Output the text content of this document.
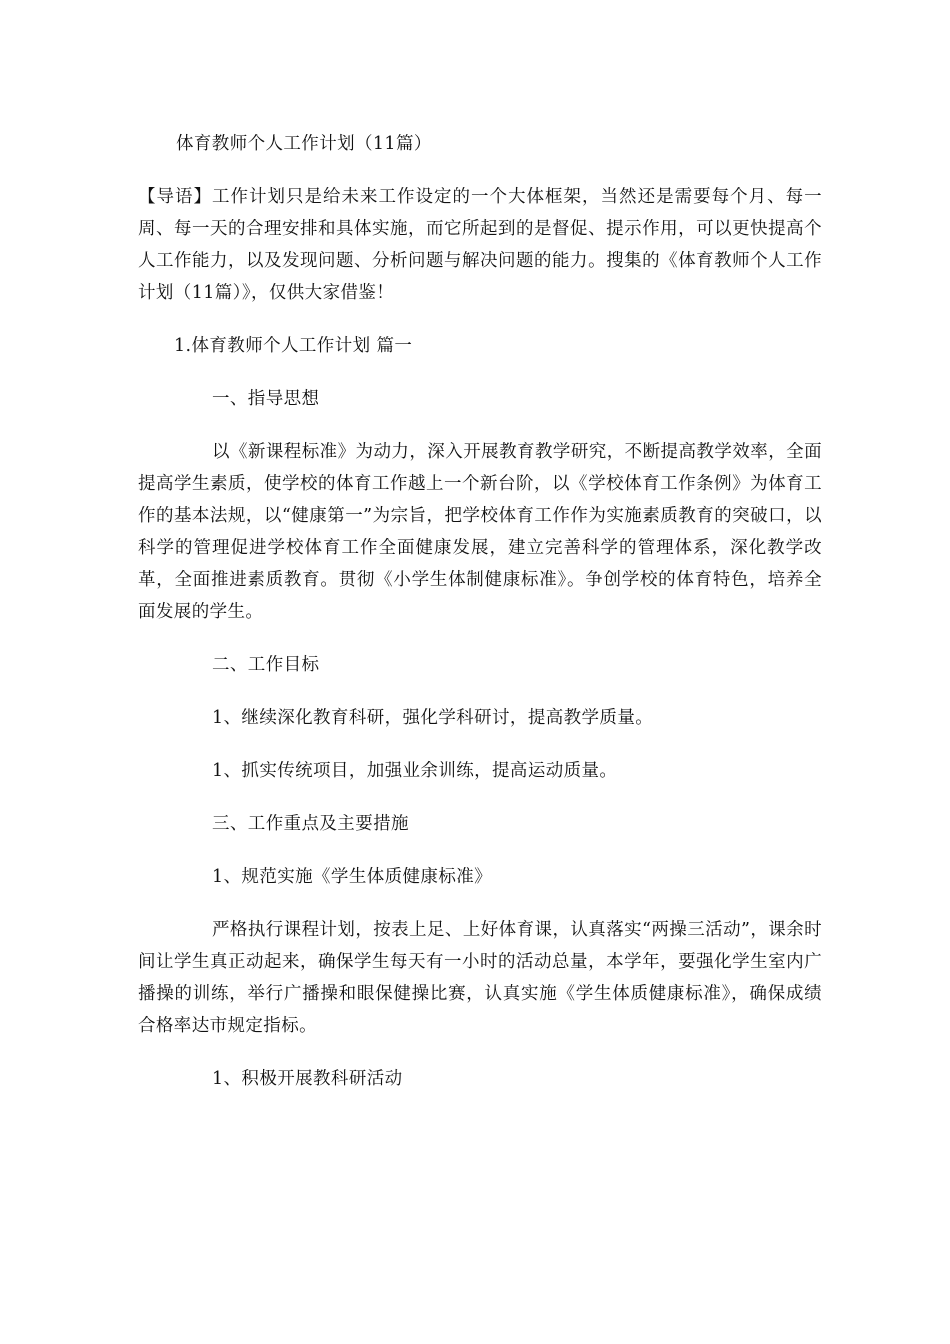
体育教师个人工作计划（11篇）

【导语】工作计划只是给未来工作设定的一个大体框架，当然还是需要每个月、每一周、每一天的合理安排和具体实施，而它所起到的是督促、提示作用，可以更快提高个人工作能力，以及发现问题、分析问题与解决问题的能力。搜集的《体育教师个人工作计划（11篇）》，仅供大家借鉴！

1.体育教师个人工作计划 篇一

一、指导思想

以《新课程标准》为动力，深入开展教育教学研究，不断提高教学效率，全面提高学生素质，使学校的体育工作越上一个新台阶，以《学校体育工作条例》为体育工作的基本法规，以“健康第一”为宗旨，把学校体育工作作为实施素质教育的突破口，以科学的管理促进学校体育工作全面健康发展，建立完善科学的管理体系，深化教学改革，全面推进素质教育。贯彻《小学生体制健康标准》。争创学校的体育特色，培养全面发展的学生。

二、工作目标

1、继续深化教育科研，强化学科研讨，提高教学质量。

1、抓实传统项目，加强业余训练，提高运动质量。

三、工作重点及主要措施

1、规范实施《学生体质健康标准》

严格执行课程计划，按表上足、上好体育课，认真落实“两操三活动”，课余时间让学生真正动起来，确保学生每天有一小时的活动总量，本学年，要强化学生室内广播操的训练，举行广播操和眼保健操比赛，认真实施《学生体质健康标准》，确保成绩合格率达市规定指标。

1、积极开展教科研活动
